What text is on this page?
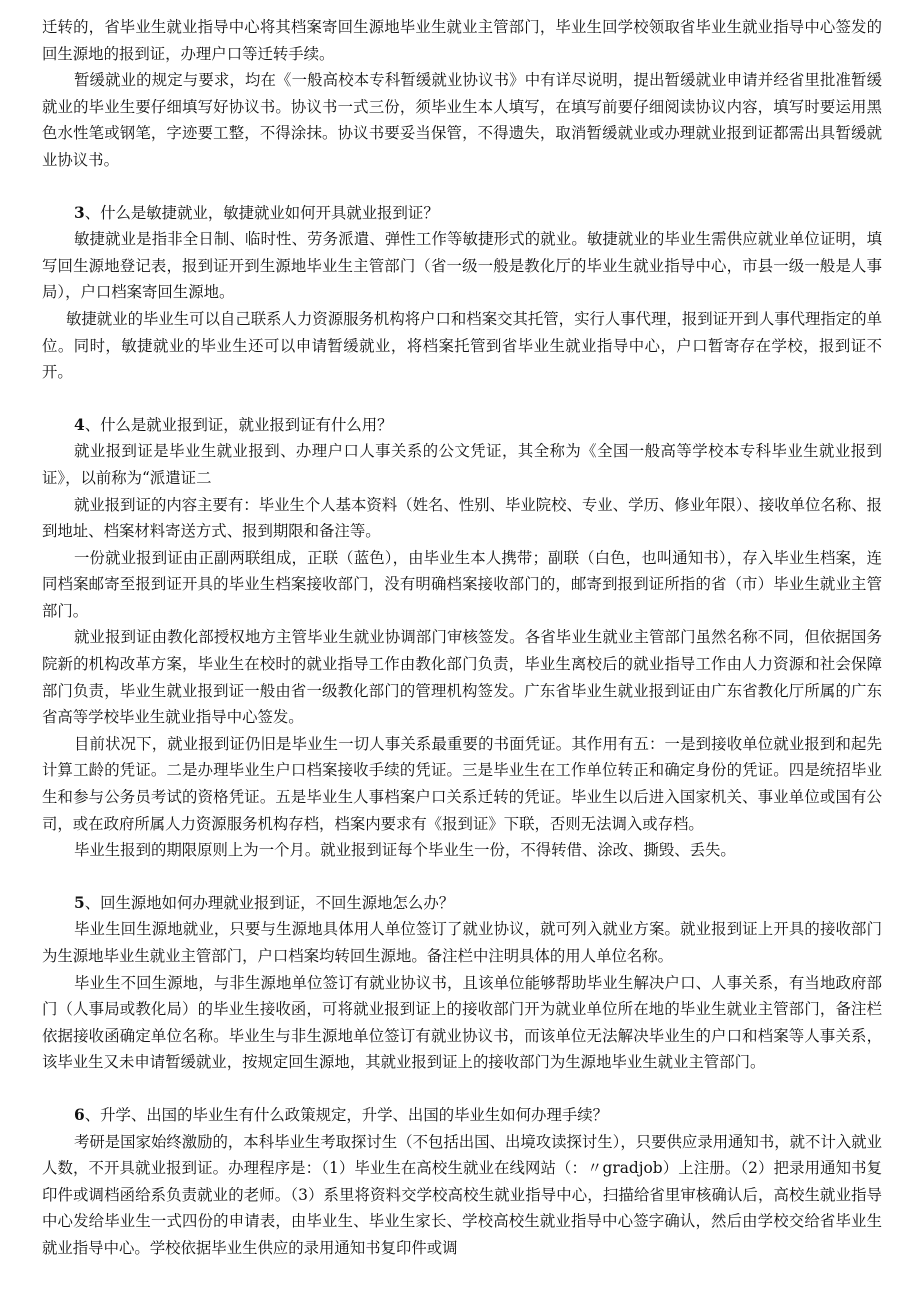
迁转的，省毕业生就业指导中心将其档案寄回生源地毕业生就业主管部门，毕业生回学校领取省毕业生就业指导中心签发的回生源地的报到证，办理户口等迁转手续。

暂缓就业的规定与要求，均在《一般高校本专科暂缓就业协议书》中有详尽说明，提出暂缓就业申请并经省里批准暂缓就业的毕业生要仔细填写好协议书。协议书一式三份，须毕业生本人填写，在填写前要仔细阅读协议内容，填写时要运用黑色水性笔或钢笔，字迹要工整，不得涂抹。协议书要妥当保管，不得遗失，取消暂缓就业或办理就业报到证都需出具暂缓就业协议书。

3、什么是敏捷就业，敏捷就业如何开具就业报到证？

敏捷就业是指非全日制、临时性、劳务派遣、弹性工作等敏捷形式的就业。敏捷就业的毕业生需供应就业单位证明，填写回生源地登记表，报到证开到生源地毕业生主管部门（省一级一般是教化厅的毕业生就业指导中心，市县一级一般是人事局），户口档案寄回生源地。

敏捷就业的毕业生可以自己联系人力资源服务机构将户口和档案交其托管，实行人事代理，报到证开到人事代理指定的单位。同时，敏捷就业的毕业生还可以申请暂缓就业，将档案托管到省毕业生就业指导中心，户口暂寄存在学校，报到证不开。

4、什么是就业报到证，就业报到证有什么用？

就业报到证是毕业生就业报到、办理户口人事关系的公文凭证，其全称为《全国一般高等学校本专科毕业生就业报到证》，以前称为“派遣证二

就业报到证的内容主要有：毕业生个人基本资料（姓名、性别、毕业院校、专业、学历、修业年限）、接收单位名称、报到地址、档案材料寄送方式、报到期限和备注等。

一份就业报到证由正副两联组成，正联（蓝色），由毕业生本人携带；副联（白色，也叫通知书），存入毕业生档案，连同档案邮寄至报到证开具的毕业生档案接收部门，没有明确档案接收部门的，邮寄到报到证所指的省（市）毕业生就业主管部门。

就业报到证由教化部授权地方主管毕业生就业协调部门审核签发。各省毕业生就业主管部门虽然名称不同，但依据国务院新的机构改革方案，毕业生在校时的就业指导工作由教化部门负责，毕业生离校后的就业指导工作由人力资源和社会保障部门负责，毕业生就业报到证一般由省一级教化部门的管理机构签发。广东省毕业生就业报到证由广东省教化厅所属的广东省高等学校毕业生就业指导中心签发。

目前状况下，就业报到证仍旧是毕业生一切人事关系最重要的书面凭证。其作用有五：一是到接收单位就业报到和起先计算工龄的凭证。二是办理毕业生户口档案接收手续的凭证。三是毕业生在工作单位转正和确定身份的凭证。四是统招毕业生和参与公务员考试的资格凭证。五是毕业生人事档案户口关系迁转的凭证。毕业生以后进入国家机关、事业单位或国有公司，或在政府所属人力资源服务机构存档，档案内要求有《报到证》下联，否则无法调入或存档。

毕业生报到的期限原则上为一个月。就业报到证每个毕业生一份，不得转借、涂改、撕毁、丢失。

5、回生源地如何办理就业报到证，不回生源地怎么办？

毕业生回生源地就业，只要与生源地具体用人单位签订了就业协议，就可列入就业方案。就业报到证上开具的接收部门为生源地毕业生就业主管部门，户口档案均转回生源地。备注栏中注明具体的用人单位名称。

毕业生不回生源地，与非生源地单位签订有就业协议书，且该单位能够帮助毕业生解决户口、人事关系，有当地政府部门（人事局或教化局）的毕业生接收函，可将就业报到证上的接收部门开为就业单位所在地的毕业生就业主管部门，备注栏依据接收函确定单位名称。毕业生与非生源地单位签订有就业协议书，而该单位无法解决毕业生的户口和档案等人事关系，该毕业生又未申请暂缓就业，按规定回生源地，其就业报到证上的接收部门为生源地毕业生就业主管部门。

6、升学、出国的毕业生有什么政策规定，升学、出国的毕业生如何办理手续？

考研是国家始终激励的，本科毕业生考取探讨生（不包括出国、出境攻读探讨生），只要供应录用通知书，就不计入就业人数，不开具就业报到证。办理程序是：（1）毕业生在高校生就业在线网站（：〃gradjob）上注册。（2）把录用通知书复印件或调档函给系负责就业的老师。（3）系里将资料交学校高校生就业指导中心，扫描给省里审核确认后，高校生就业指导中心发给毕业生一式四份的申请表，由毕业生、毕业生家长、学校高校生就业指导中心签字确认，然后由学校交给省毕业生就业指导中心。学校依据毕业生供应的录用通知书复印件或调
